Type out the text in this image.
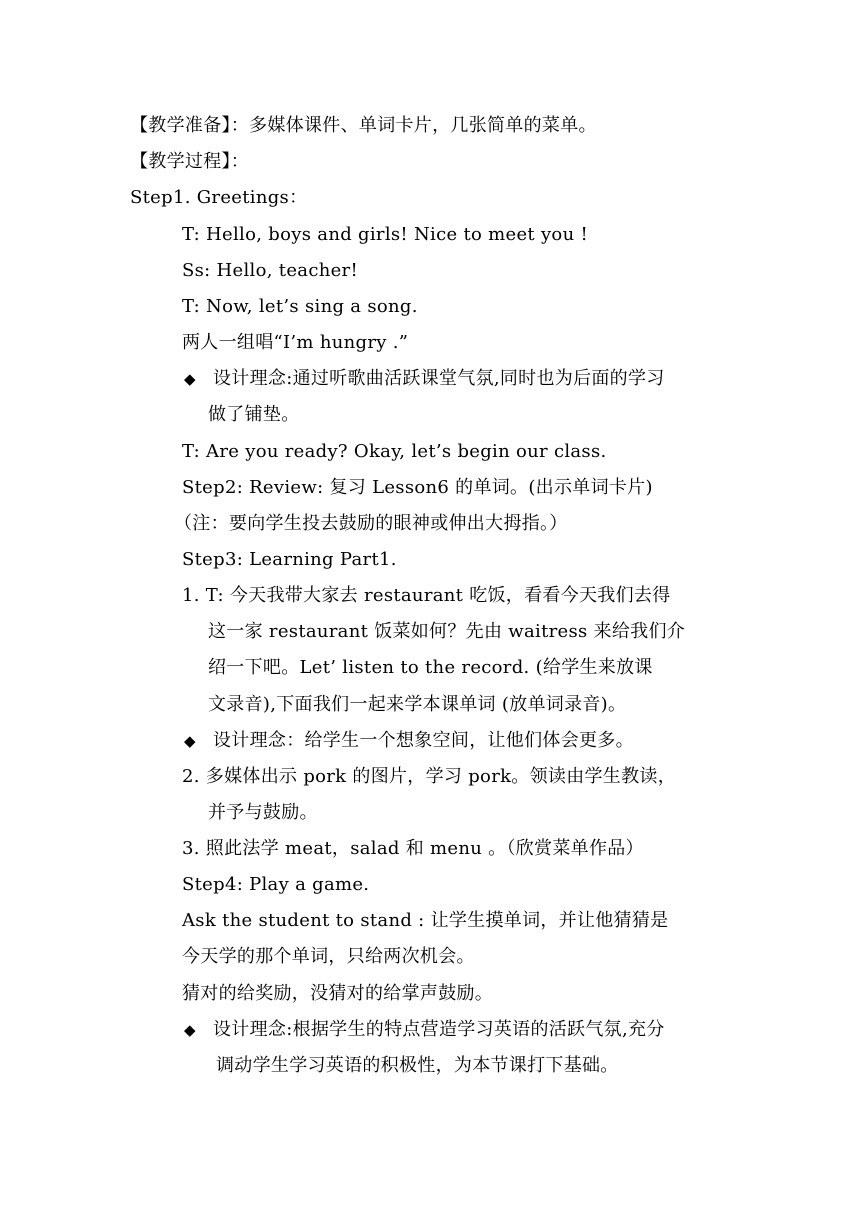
【教学准备】：多媒体课件、单词卡片，几张简单的菜单。
【教学过程】：
Step1. Greetings：
T: Hello, boys and girls! Nice to meet you !
Ss: Hello, teacher!
T: Now, let’s sing a song.
两人一组唱“I’m hungry .”
◆ 设计理念:通过听歌曲活跃课堂气氛,同时也为后面的学习
做了铺垫。
T: Are you ready? Okay, let’s begin our class.
Step2: Review: 复习 Lesson6 的单词。(出示单词卡片)
（注：要向学生投去鼓励的眼神或伸出大拇指。）
Step3: Learning Part1.
1. T: 今天我带大家去 restaurant 吃饭，看看今天我们去得
这一家 restaurant 饭菜如何？先由 waitress 来给我们介
绍一下吧。Let’ listen to the record. (给学生来放课
文录音),下面我们一起来学本课单词 (放单词录音)。
◆ 设计理念：给学生一个想象空间，让他们体会更多。
2. 多媒体出示 pork 的图片，学习 pork。领读由学生教读，
并予与鼓励。
3. 照此法学 meat，salad 和 menu 。（欣赏菜单作品）
Step4: Play a game.
Ask the student to stand : 让学生摸单词，并让他猜猜是
今天学的那个单词，只给两次机会。
猜对的给奖励，没猜对的给掌声鼓励。
◆ 设计理念:根据学生的特点营造学习英语的活跃气氛,充分
调动学生学习英语的积极性，为本节课打下基础。
